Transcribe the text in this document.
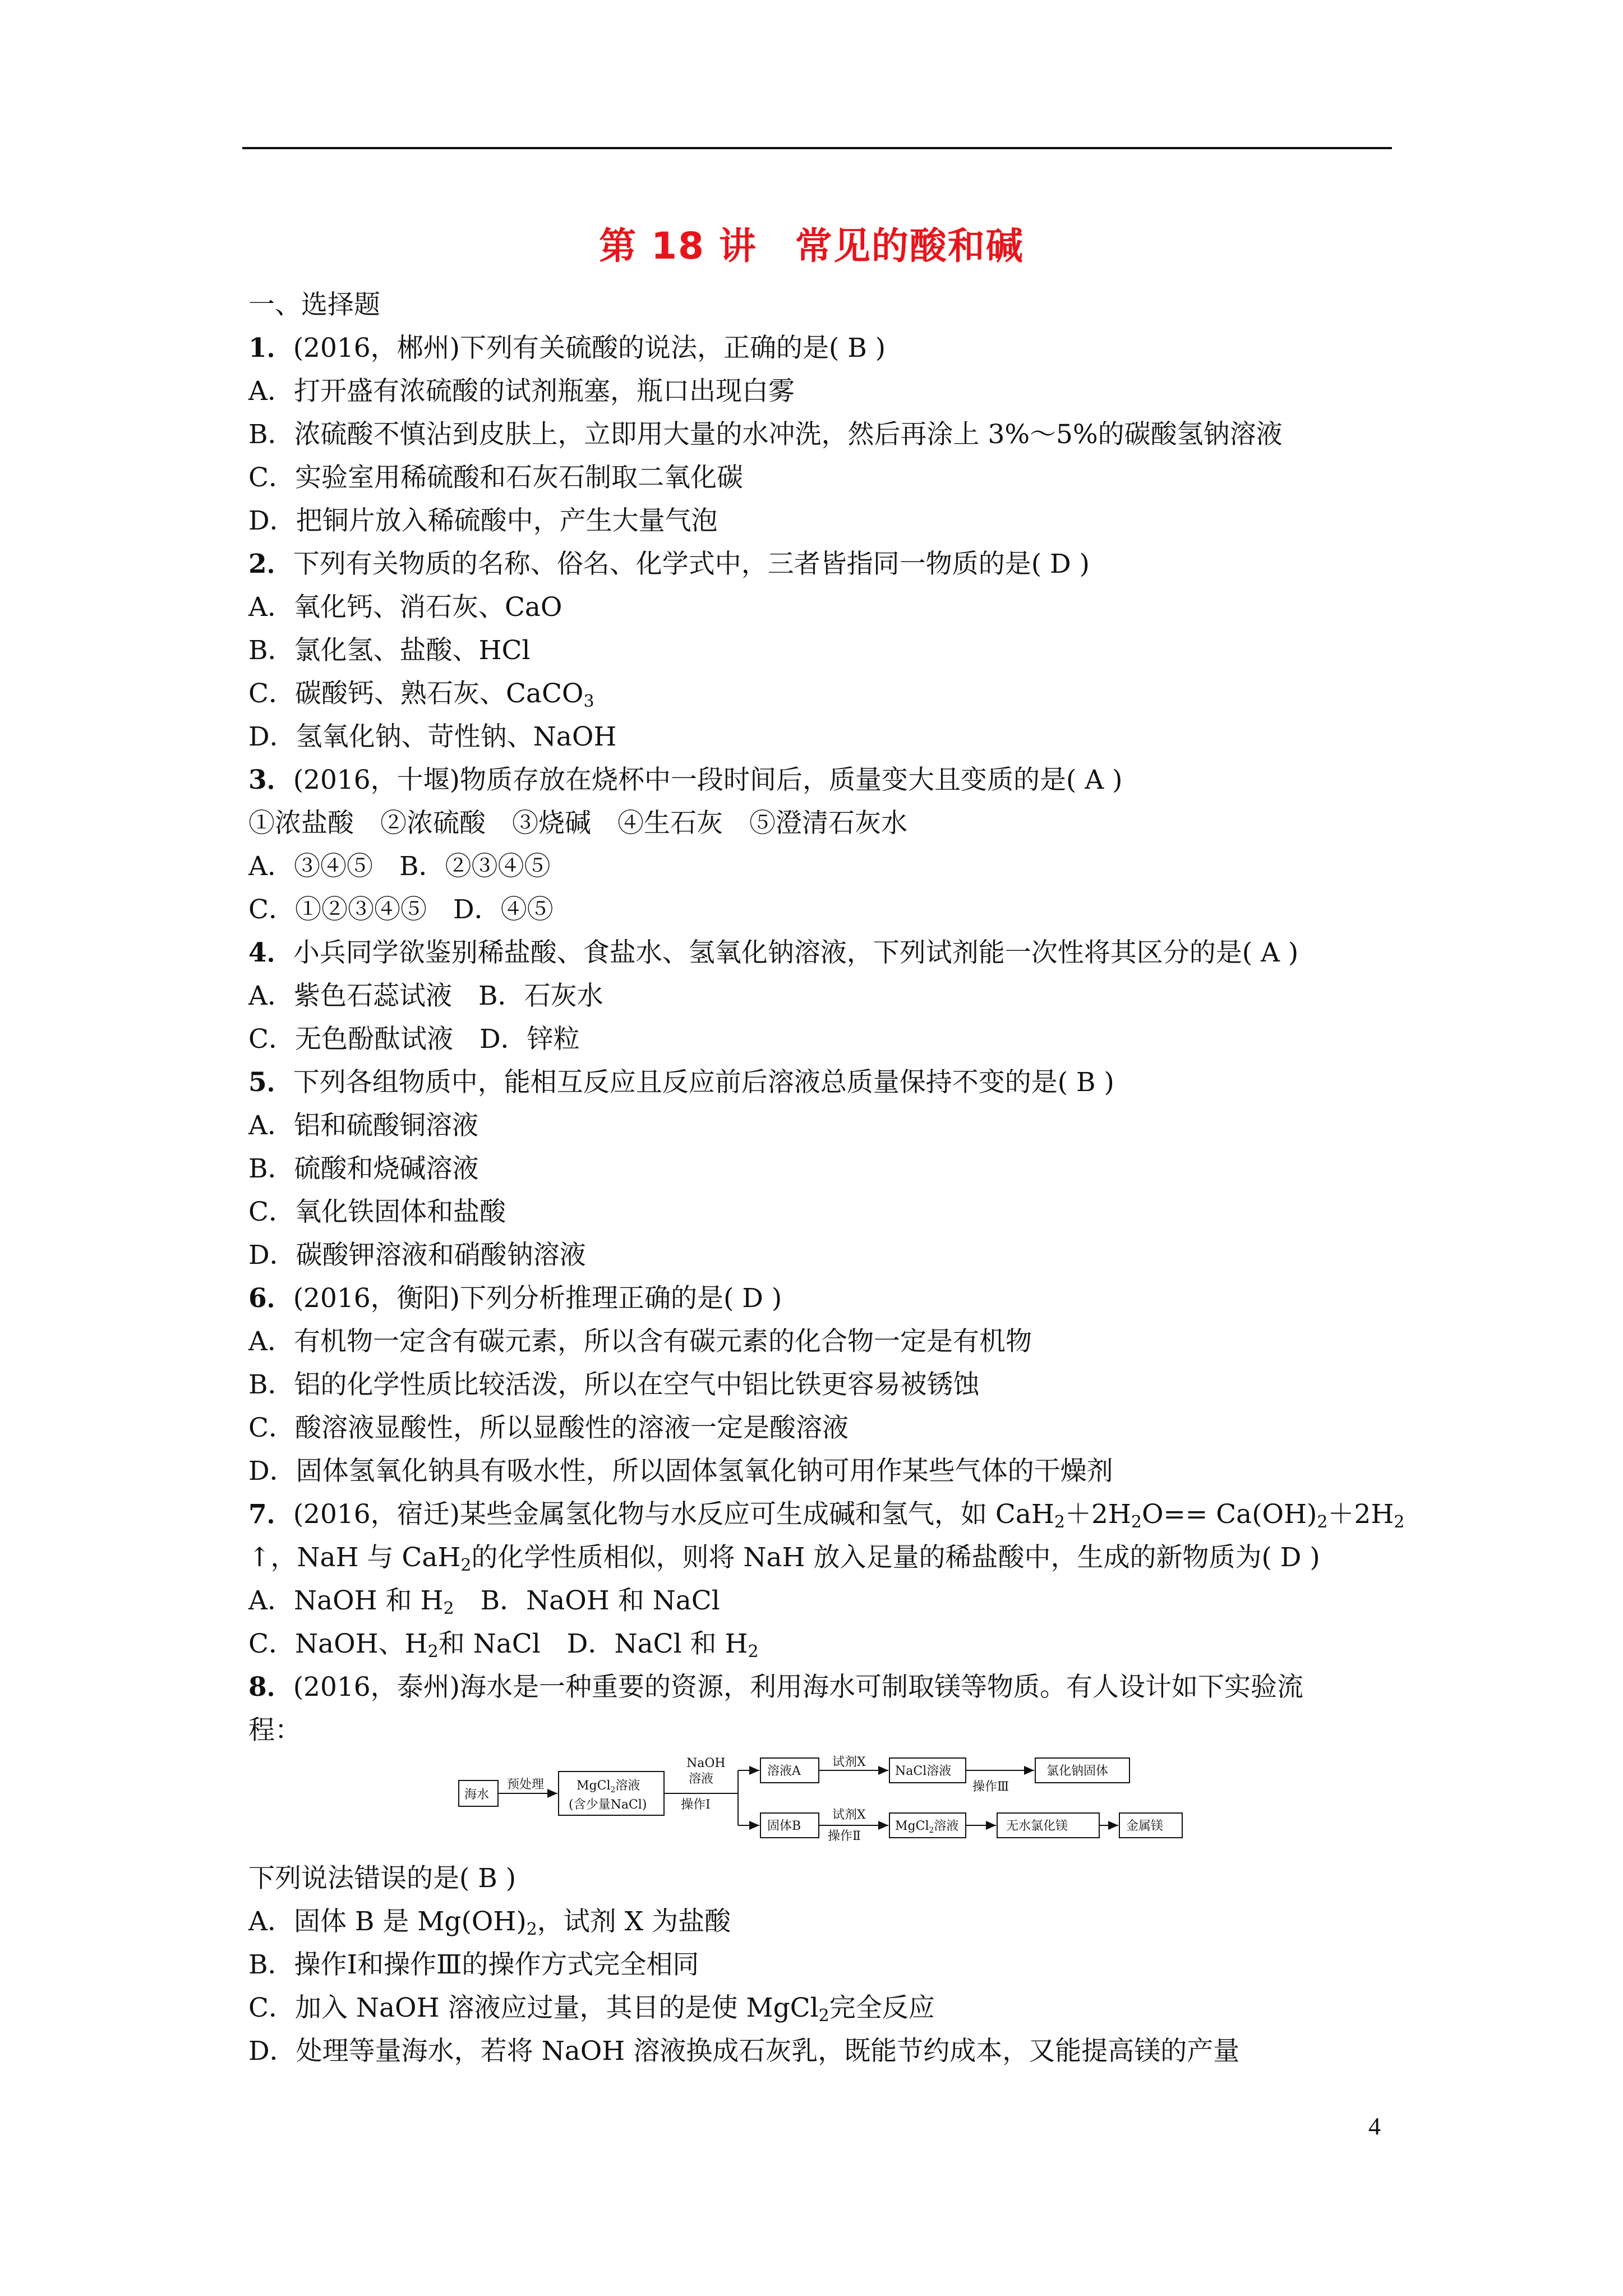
第 18 讲　常见的酸和碱
一、选择题
1．(2016，郴州)下列有关硫酸的说法，正确的是( B )
A．打开盛有浓硫酸的试剂瓶塞，瓶口出现白雾
B．浓硫酸不慎沾到皮肤上，立即用大量的水冲洗，然后再涂上 3%～5%的碳酸氢钠溶液
C．实验室用稀硫酸和石灰石制取二氧化碳
D．把铜片放入稀硫酸中，产生大量气泡
2．下列有关物质的名称、俗名、化学式中，三者皆指同一物质的是( D )
A．氧化钙、消石灰、CaO
B．氯化氢、盐酸、HCl
C．碳酸钙、熟石灰、CaCO$_3$
D．氢氧化钠、苛性钠、NaOH
3．(2016，十堰)物质存放在烧杯中一段时间后，质量变大且变质的是( A )
①浓盐酸　②浓硫酸　③烧碱　④生石灰　⑤澄清石灰水
A．③④⑤　B．②③④⑤
C．①②③④⑤　D．④⑤
4．小兵同学欲鉴别稀盐酸、食盐水、氢氧化钠溶液，下列试剂能一次性将其区分的是( A )
A．紫色石蕊试液　B．石灰水
C．无色酚酞试液　D．锌粒
5．下列各组物质中，能相互反应且反应前后溶液总质量保持不变的是( B )
A．铝和硫酸铜溶液
B．硫酸和烧碱溶液
C．氧化铁固体和盐酸
D．碳酸钾溶液和硝酸钠溶液
6．(2016，衡阳)下列分析推理正确的是( D )
A．有机物一定含有碳元素，所以含有碳元素的化合物一定是有机物
B．铝的化学性质比较活泼，所以在空气中铝比铁更容易被锈蚀
C．酸溶液显酸性，所以显酸性的溶液一定是酸溶液
D．固体氢氧化钠具有吸水性，所以固体氢氧化钠可用作某些气体的干燥剂
7．(2016，宿迁)某些金属氢化物与水反应可生成碱和氢气，如 $CaH_2+2H_2O== Ca(OH)_2+2H_2$
↑，NaH 与 CaH$_2$的化学性质相似，则将 NaH 放入足量的稀盐酸中，生成的新物质为( D )
A．NaOH 和 $H_2$　B．NaOH 和 NaCl
C．NaOH、$H_2$和 NaCl　D．NaCl 和 $H_2$
8．(2016，泰州)海水是一种重要的资源，利用海水可制取镁等物质。有人设计如下实验流
程：
海水
预处理	MgCl$_2$溶液
(含少量NaCl)
NaOH
溶液
操作Ⅰ
溶液A
试剂X
NaCl溶液
操作Ⅲ
氯化钠固体
固体B
试剂X
操作Ⅱ
MgCl$_2$溶液	无水氯化镁	金属镁
下列说法错误的是( B )
A．固体 B 是 $Mg(OH)_2$，试剂 X 为盐酸
B．操作Ⅰ和操作Ⅲ的操作方式完全相同
C．加入 NaOH 溶液应过量，其目的是使 MgCl$_2$完全反应
D．处理等量海水，若将 NaOH 溶液换成石灰乳，既能节约成本，又能提高镁的产量
4
